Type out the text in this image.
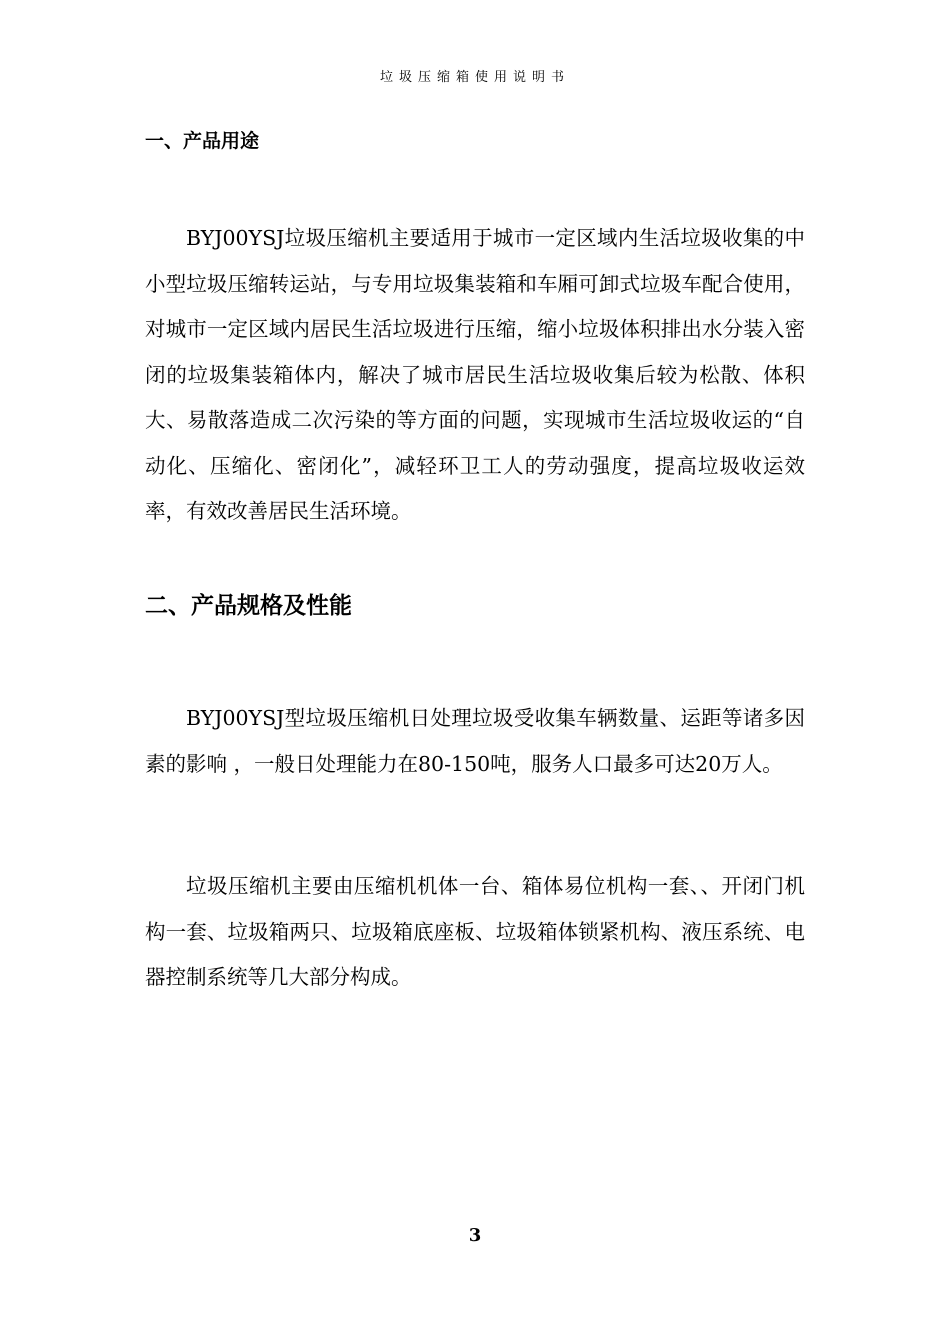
垃圾压缩箱使用说明书
一、产品用途

BYJ00YSJ垃圾压缩机主要适用于城市一定区域内生活垃圾收集的中小型垃圾压缩转运站，与专用垃圾集装箱和车厢可卸式垃圾车配合使用，对城市一定区域内居民生活垃圾进行压缩，缩小垃圾体积排出水分装入密闭的垃圾集装箱体内，解决了城市居民生活垃圾收集后较为松散、体积大、易散落造成二次污染的等方面的问题，实现城市生活垃圾收运的“自动化、压缩化、密闭化”，减轻环卫工人的劳动强度，提高垃圾收运效率，有效改善居民生活环境。

二、产品规格及性能

BYJ00YSJ型垃圾压缩机日处理垃圾受收集车辆数量、运距等诸多因素的影响 ，一般日处理能力在80-150吨，服务人口最多可达20万人。

垃圾压缩机主要由压缩机机体一台、箱体易位机构一套、、开闭门机构一套、垃圾箱两只、垃圾箱底座板、垃圾箱体锁紧机构、液压系统、电器控制系统等几大部分构成。

3
